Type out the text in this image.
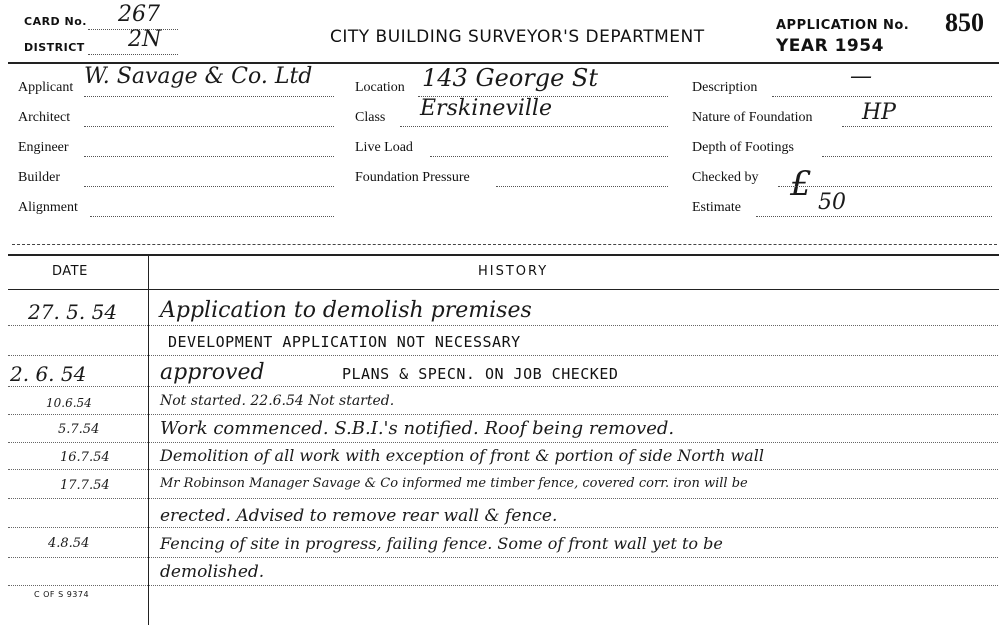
CARD No. 267
DISTRICT 2N	CITY BUILDING SURVEYOR'S DEPARTMENT
APPLICATION No. 850
YEAR 1954
Applicant W. Savage & Co. Ltd
Architect
Engineer
Builder
Alignment
Location 143 George St
Class Erskineville
Live Load
Foundation Pressure
Description	—
Nature of Foundation HP
Depth of Footings
Checked by £
Estimate	50
DATE	HISTORY
27. 5. 54 Application to demolish premises
DEVELOPMENT APPLICATION NOT NECESSARY
2. 6. 54	approved	PLANS & SPECN. ON JOB CHECKED
10.6.54	Not started. 22.6.54 Not started.
5.7.54	Work commenced. S.B.I.'s notified. Roof being removed.
16.7.54	Demolition of all work with exception of front & portion of side North wall
17.7.54	Mr Robinson Manager Savage & Co informed me timber fence, covered corr. iron will be
erected. Advised to remove rear wall & fence.
4.8.54	Fencing of site in progress, failing fence. Some of front wall yet to be
demolished.
C OF S 9374
